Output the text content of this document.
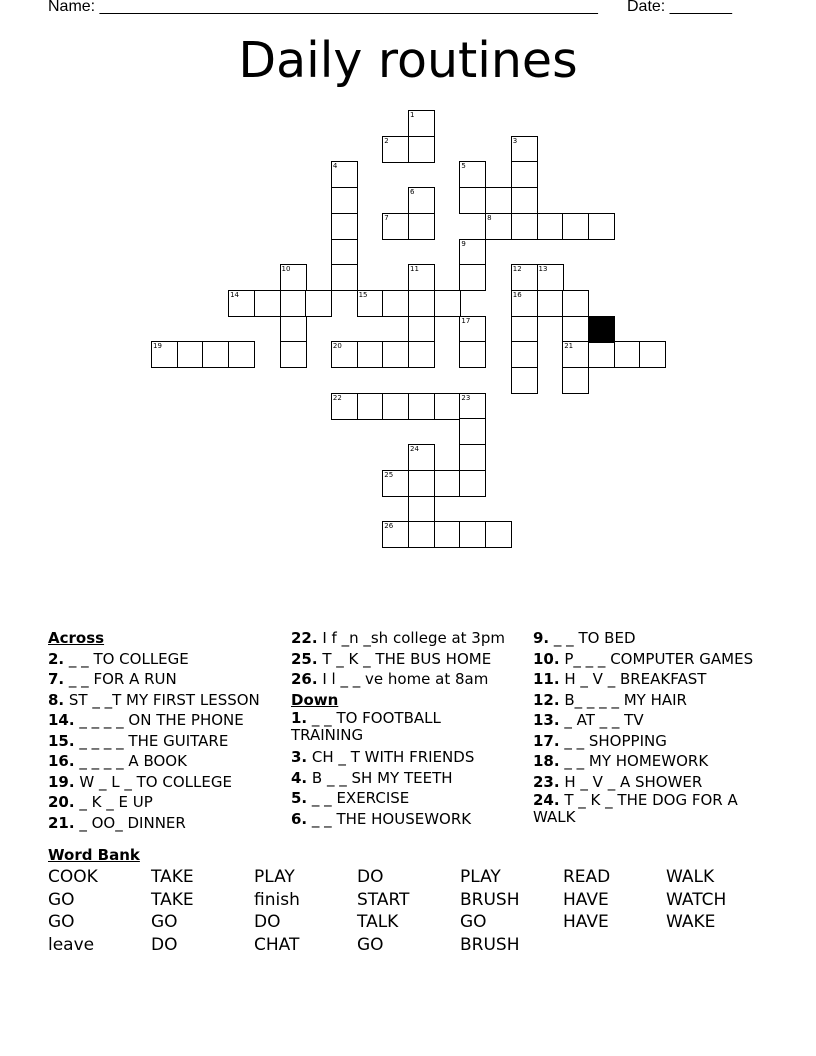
Name: ________________________________________________________ Date: _______
Daily routines
1
2	3
4	5
6
7	8
9
10	11	12 13
14	15	16
17
19	20	21
22	23
24
25
26
Across
2. _ _ TO COLLEGE
7. _ _ FOR A RUN
8. ST _ _T MY FIRST LESSON
14. _ _ _ _ ON THE PHONE
15. _ _ _ _ THE GUITARE
16. _ _ _ _ A BOOK
19. W _ L _ TO COLLEGE
20. _ K _ E UP
21. _ OO_ DINNER
22. I f _n _sh college at 3pm
25. T _ K _ THE BUS HOME
26. I l _ _ ve home at 8am
Down
1. _ _ TO FOOTBALL
TRAINING
3. CH _ T WITH FRIENDS
4. B _ _ SH MY TEETH
5. _ _ EXERCISE
6. _ _ THE HOUSEWORK
9. _ _ TO BED
10. P_ _ _ COMPUTER GAMES
11. H _ V _ BREAKFAST
12. B_ _ _ _ MY HAIR
13. _ AT _ _ TV
17. _ _ SHOPPING
18. _ _ MY HOMEWORK
23. H _ V _ A SHOWER
24. T _ K _ THE DOG FOR A
WALK
Word Bank
COOK	TAKE	PLAY	DO	PLAY	READ	WALK
GO	TAKE	finish	START	BRUSH	HAVE	WATCH
GO	GO	DO	TALK	GO	HAVE	WAKE
leave	DO	CHAT	GO	BRUSH
